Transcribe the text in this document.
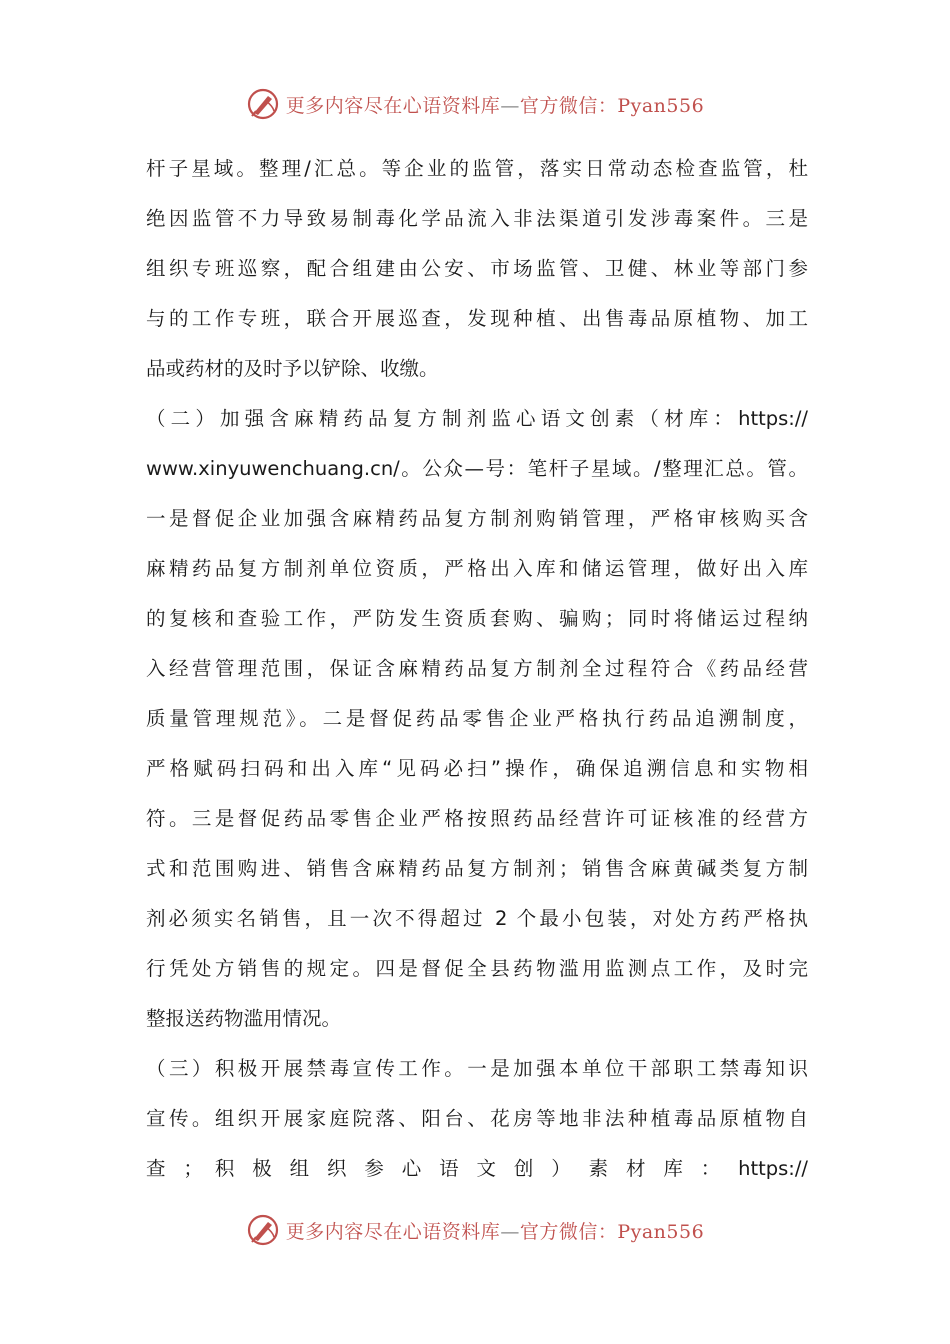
更多内容尽在心语资料库—官方微信：Pyan556
杆子星域。整理/汇总。等企业的监管，落实日常动态检查监管，杜
绝因监管不力导致易制毒化学品流入非法渠道引发涉毒案件。三是
组织专班巡察，配合组建由公安、市场监管、卫健、林业等部门参
与的工作专班，联合开展巡查，发现种植、出售毒品原植物、加工
品或药材的及时予以铲除、收缴。
（二）加强含麻精药品复方制剂监心语文创素（材库：https://
www.xinyuwenchuang.cn/。公众—号：笔杆子星域。/整理汇总。管。
一是督促企业加强含麻精药品复方制剂购销管理，严格审核购买含
麻精药品复方制剂单位资质，严格出入库和储运管理，做好出入库
的复核和查验工作，严防发生资质套购、骗购；同时将储运过程纳
入经营管理范围，保证含麻精药品复方制剂全过程符合《药品经营
质量管理规范》。二是督促药品零售企业严格执行药品追溯制度，
严格赋码扫码和出入库“见码必扫”操作，确保追溯信息和实物相
符。三是督促药品零售企业严格按照药品经营许可证核准的经营方
式和范围购进、销售含麻精药品复方制剂；销售含麻黄碱类复方制
剂必须实名销售，且一次不得超过 2 个最小包装，对处方药严格执
行凭处方销售的规定。四是督促全县药物滥用监测点工作，及时完
整报送药物滥用情况。
（三）积极开展禁毒宣传工作。一是加强本单位干部职工禁毒知识
宣传。组织开展家庭院落、阳台、花房等地非法种植毒品原植物自
查 ； 积 极 组 织 参 心 语 文 创 ） 素 材 库 ： https://
更多内容尽在心语资料库—官方微信：Pyan556
